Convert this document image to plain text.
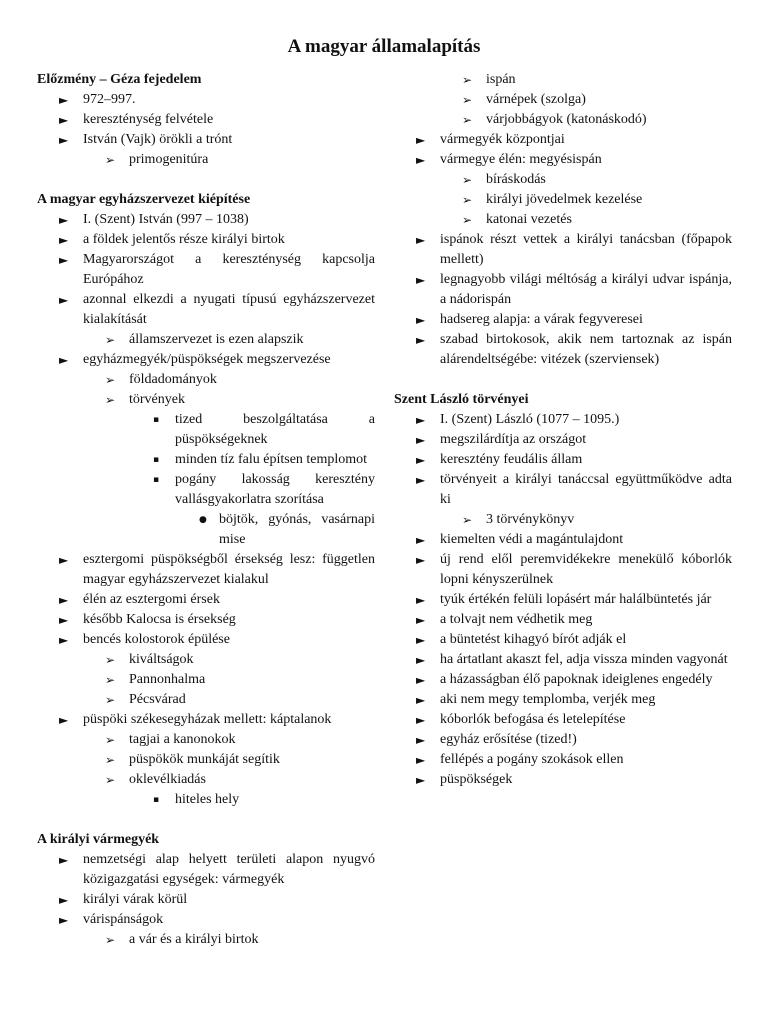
A magyar államalapítás
Előzmény – Géza fejedelem
►	972–997.
►	kereszténység felvétele
►	István (Vajk) örökli a trónt
➢ primogenitúra
A magyar egyházszervezet kiépítése
►	I. (Szent) István (997 – 1038)
►	a földek jelentős része királyi birtok
►	Magyarországot a kereszténység kapcsolja Európához
►	azonnal elkezdi a nyugati típusú egyházszervezet kialakítását
➢ államszervezet is ezen alapszik
►	egyházmegyék/püspökségek megszervezése
➢ földadományok
➢ törvények
▪	tized beszolgáltatása a püspökségeknek
▪	minden tíz falu építsen templomot
▪	pogány lakosság keresztény vallásgyakorlatra szorítása
● böjtök, gyónás, vasárnapi mise
►	esztergomi püspökségből érsekség lesz: független magyar egyházszervezet kialakul
►	élén az esztergomi érsek
►	később Kalocsa is érsekség
►	bencés kolostorok épülése
➢ kiváltságok
➢ Pannonhalma
➢ Pécsvárad
►	püspöki székesegyházak mellett: káptalanok
➢ tagjai a kanonokok
➢ püspökök munkáját segítik
➢ oklevélkiadás
▪	hiteles hely
A királyi vármegyék
►	nemzetségi alap helyett területi alapon nyugvó közigazgatási egységek: vármegyék
►	királyi várak körül
►	várispánságok
➢ a vár és a királyi birtok
➢ ispán
➢ várnépek (szolga)
➢ várjobbágyok (katonáskodó)
►	vármegyék központjai
►	vármegye élén: megyésispán
➢ bíráskodás
➢ királyi jövedelmek kezelése
➢ katonai vezetés
►	ispánok részt vettek a királyi tanácsban (főpapok mellett)
►	legnagyobb világi méltóság a királyi udvar ispánja, a nádorispán
►	hadsereg alapja: a várak fegyveresei
►	szabad birtokosok, akik nem tartoznak az ispán alárendeltségébe: vitézek (szerviensek)
Szent László törvényei
►	I. (Szent) László (1077 – 1095.)
►	megszilárdítja az országot
►	keresztény feudális állam
►	törvényeit a királyi tanáccsal együttműködve adta ki
➢ 3 törvénykönyv
►	kiemelten védi a magántulajdont
►	új rend elől peremvidékekre menekülő kóborlók lopni kényszerülnek
►	tyúk értékén felüli lopásért már halálbüntetés jár
►	a tolvajt nem védhetik meg
►	a büntetést kihagyó bírót adják el
►	ha ártatlant akaszt fel, adja vissza minden vagyonát
►	a házasságban élő papoknak ideiglenes engedély
►	aki nem megy templomba, verjék meg
►	kóborlók befogása és letelepítése
►	egyház erősítése (tized!)
►	fellépés a pogány szokások ellen
►	püspökségek
